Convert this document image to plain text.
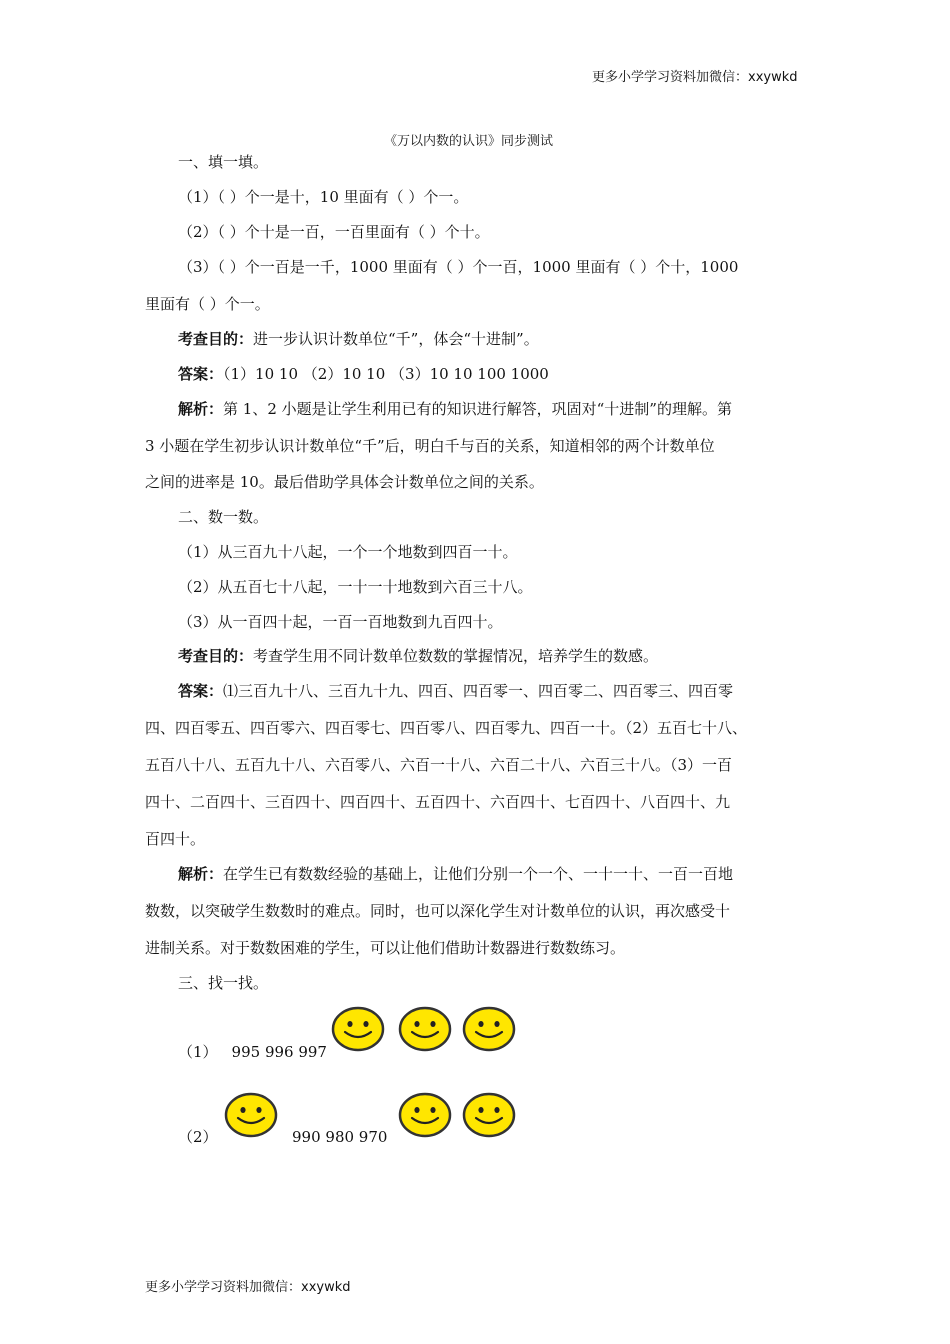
更多小学学习资料加微信：xxywkd
更多小学学习资料加微信：xxywkd
《万以内数的认识》同步测试
一、填一填。
（1）（ ）个一是十，10 里面有（ ）个一。
（2）（ ）个十是一百，一百里面有（ ）个十。
（3）（ ）个一百是一千，1000 里面有（ ）个一百，1000 里面有（ ）个十，1000
里面有（ ）个一。
考查目的：进一步认识计数单位“千”，体会“十进制”。
答案：（1）10 10 （2）10 10 （3）10 10 100 1000
解析：第 1、2 小题是让学生利用已有的知识进行解答，巩固对“十进制”的理解。第
3 小题在学生初步认识计数单位“千”后，明白千与百的关系，知道相邻的两个计数单位
之间的进率是 10。最后借助学具体会计数单位之间的关系。
二、数一数。
（1）从三百九十八起，一个一个地数到四百一十。
（2）从五百七十八起，一十一十地数到六百三十八。
（3）从一百四十起，一百一百地数到九百四十。
考查目的：考查学生用不同计数单位数数的掌握情况，培养学生的数感。
答案：⑴三百九十八、三百九十九、四百、四百零一、四百零二、四百零三、四百零
四、四百零五、四百零六、四百零七、四百零八、四百零九、四百一十。（2）五百七十八、
五百八十八、五百九十八、六百零八、六百一十八、六百二十八、六百三十八。（3）一百
四十、二百四十、三百四十、四百四十、五百四十、六百四十、七百四十、八百四十、九
百四十。
解析：在学生已有数数经验的基础上，让他们分别一个一个、一十一十、一百一百地
数数，以突破学生数数时的难点。同时，也可以深化学生对计数单位的认识，再次感受十
进制关系。对于数数困难的学生，可以让他们借助计数器进行数数练习。
三、找一找。
（1） 995 996 997
（2）	990 980 970
